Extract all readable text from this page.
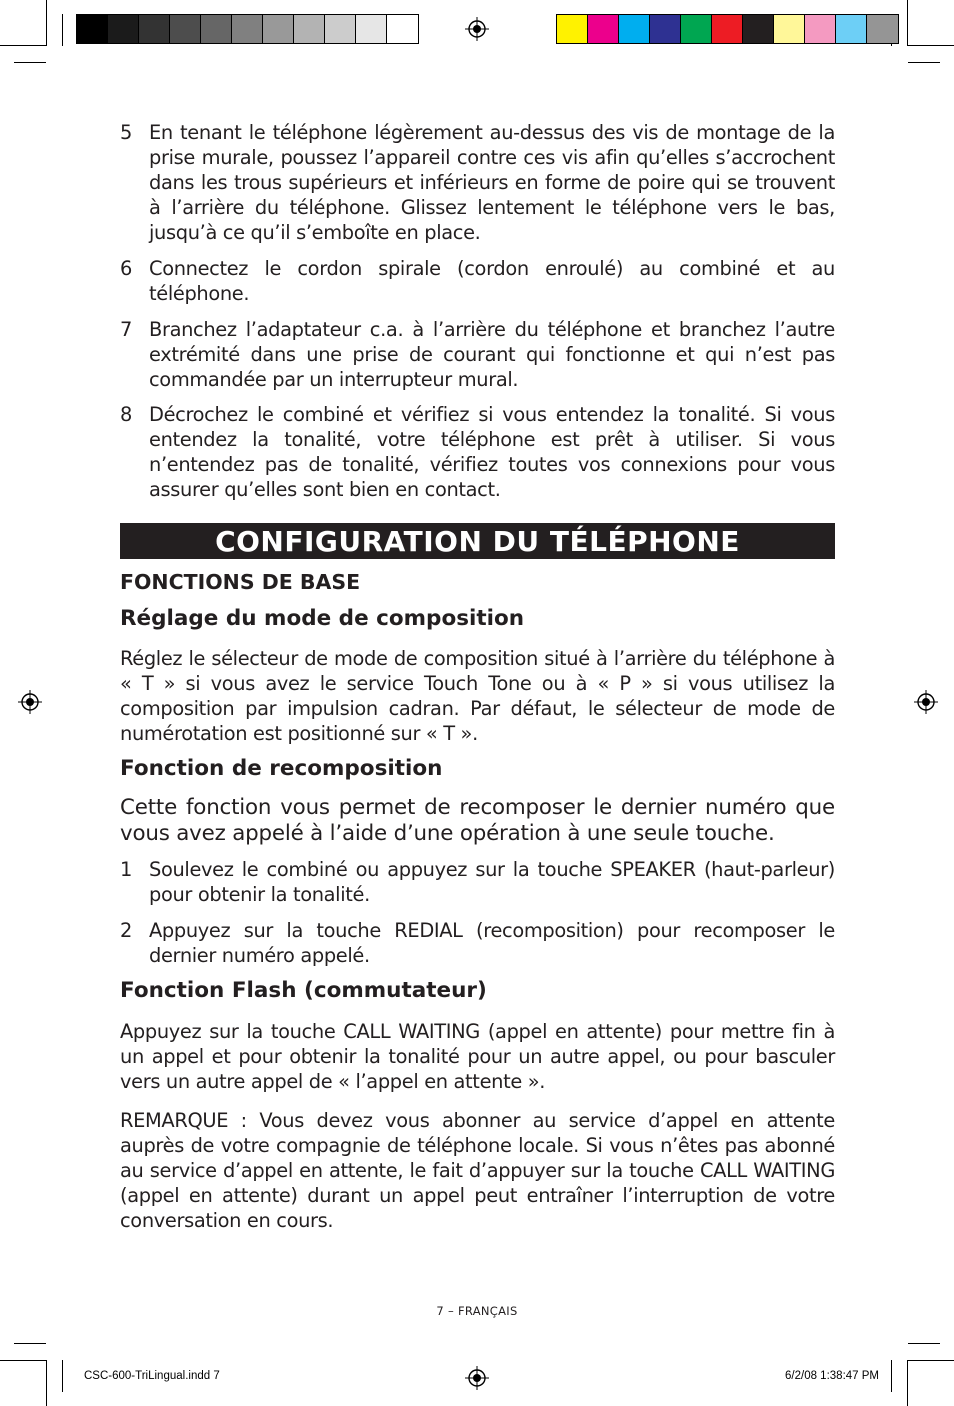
5 En tenant le téléphone légèrement au-dessus des vis de montage de la prise murale, poussez l’appareil contre ces vis afin qu’elles s’accrochent dans les trous supérieurs et inférieurs en forme de poire qui se trouvent à l’arrière du téléphone. Glissez lentement le téléphone vers le bas, jusqu’à ce qu’il s’emboîte en place.
6 Connectez le cordon spirale (cordon enroulé) au combiné et au téléphone.
7 Branchez l’adaptateur c.a. à l’arrière du téléphone et branchez l’autre extrémité dans une prise de courant qui fonctionne et qui n’est pas commandée par un interrupteur mural.
8 Décrochez le combiné et vérifiez si vous entendez la tonalité. Si vous entendez la tonalité, votre téléphone est prêt à utiliser. Si vous n’entendez pas de tonalité, vérifiez toutes vos connexions pour vous assurer qu’elles sont bien en contact.
CONFIGURATION DU TÉLÉPHONE
FONCTIONS DE BASE
Réglage du mode de composition
Réglez le sélecteur de mode de composition situé à l’arrière du téléphone à « T » si vous avez le service Touch Tone ou à « P » si vous utilisez la composition par impulsion cadran. Par défaut, le sélecteur de mode de numérotation est positionné sur « T ».
Fonction de recomposition
Cette fonction vous permet de recomposer le dernier numéro que vous avez appelé à l’aide d’une opération à une seule touche.
1 Soulevez le combiné ou appuyez sur la touche SPEAKER (haut-parleur) pour obtenir la tonalité.
2 Appuyez sur la touche REDIAL (recomposition) pour recomposer le dernier numéro appelé.
Fonction Flash (commutateur)
Appuyez sur la touche CALL WAITING (appel en attente) pour mettre fin à un appel et pour obtenir la tonalité pour un autre appel, ou pour basculer vers un autre appel de « l’appel en attente ».
REMARQUE : Vous devez vous abonner au service d’appel en attente auprès de votre compagnie de téléphone locale. Si vous n’êtes pas abonné au service d’appel en attente, le fait d’appuyer sur la touche CALL WAITING (appel en attente) durant un appel peut entraîner l’interruption de votre conversation en cours.
7 – FRANÇAIS
CSC-600-TriLingual.indd 7	6/2/08 1:38:47 PM
